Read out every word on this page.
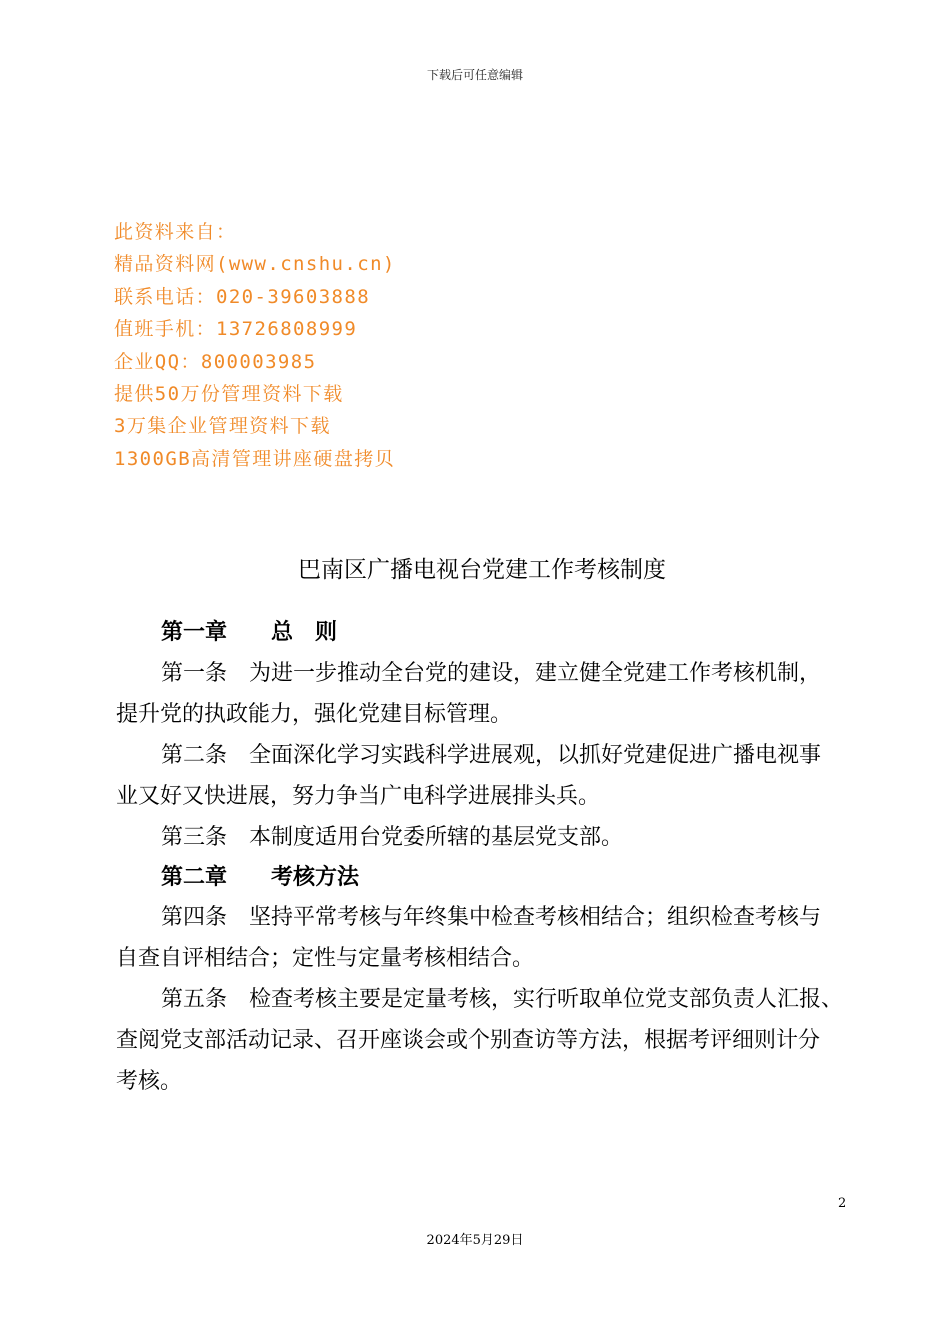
下载后可任意编辑
此资料来自：
精品资料网(www.cnshu.cn)
联系电话：020-39603888
值班手机：13726808999
企业QQ：800003985
提供50万份管理资料下载
3万集企业管理资料下载
1300GB高清管理讲座硬盘拷贝
巴南区广播电视台党建工作考核制度
第一章　　总　则
第一条　为进一步推动全台党的建设，建立健全党建工作考核机制，
提升党的执政能力，强化党建目标管理。
第二条　全面深化学习实践科学进展观，以抓好党建促进广播电视事
业又好又快进展，努力争当广电科学进展排头兵。
第三条　本制度适用台党委所辖的基层党支部。
第二章　　考核方法
第四条　坚持平常考核与年终集中检查考核相结合；组织检查考核与
自查自评相结合；定性与定量考核相结合。
第五条　检查考核主要是定量考核，实行听取单位党支部负责人汇报、
查阅党支部活动记录、召开座谈会或个别查访等方法，根据考评细则计分
考核。
2
2024年5月29日
